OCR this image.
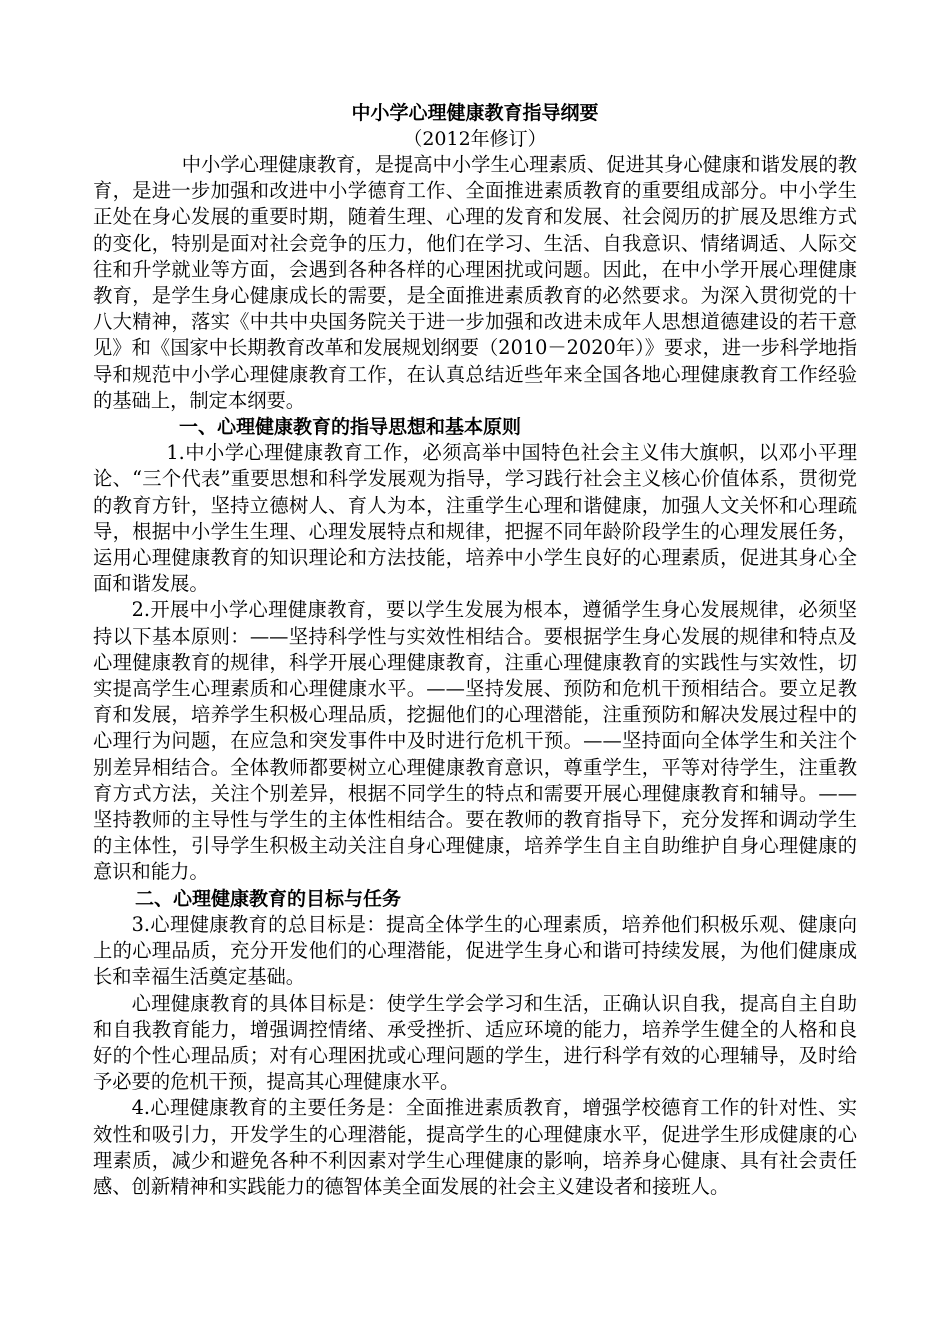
中小学心理健康教育指导纲要

（2012年修订）

中小学心理健康教育，是提高中小学生心理素质、促进其身心健康和谐发展的教育，是进一步加强和改进中小学德育工作、全面推进素质教育的重要组成部分。中小学生正处在身心发展的重要时期，随着生理、心理的发育和发展、社会阅历的扩展及思维方式的变化，特别是面对社会竞争的压力，他们在学习、生活、自我意识、情绪调适、人际交往和升学就业等方面，会遇到各种各样的心理困扰或问题。因此，在中小学开展心理健康教育，是学生身心健康成长的需要，是全面推进素质教育的必然要求。为深入贯彻党的十八大精神，落实《中共中央国务院关于进一步加强和改进未成年人思想道德建设的若干意见》和《国家中长期教育改革和发展规划纲要（2010－2020年）》要求，进一步科学地指导和规范中小学心理健康教育工作，在认真总结近些年来全国各地心理健康教育工作经验的基础上，制定本纲要。

一、心理健康教育的指导思想和基本原则

1.中小学心理健康教育工作，必须高举中国特色社会主义伟大旗帜，以邓小平理论、“三个代表”重要思想和科学发展观为指导，学习践行社会主义核心价值体系，贯彻党的教育方针，坚持立德树人、育人为本，注重学生心理和谐健康，加强人文关怀和心理疏导，根据中小学生生理、心理发展特点和规律，把握不同年龄阶段学生的心理发展任务，运用心理健康教育的知识理论和方法技能，培养中小学生良好的心理素质，促进其身心全面和谐发展。

2.开展中小学心理健康教育，要以学生发展为根本，遵循学生身心发展规律，必须坚持以下基本原则：——坚持科学性与实效性相结合。要根据学生身心发展的规律和特点及心理健康教育的规律，科学开展心理健康教育，注重心理健康教育的实践性与实效性，切实提高学生心理素质和心理健康水平。——坚持发展、预防和危机干预相结合。要立足教育和发展，培养学生积极心理品质，挖掘他们的心理潜能，注重预防和解决发展过程中的心理行为问题，在应急和突发事件中及时进行危机干预。——坚持面向全体学生和关注个别差异相结合。全体教师都要树立心理健康教育意识，尊重学生，平等对待学生，注重教育方式方法，关注个别差异，根据不同学生的特点和需要开展心理健康教育和辅导。——坚持教师的主导性与学生的主体性相结合。要在教师的教育指导下，充分发挥和调动学生的主体性，引导学生积极主动关注自身心理健康，培养学生自主自助维护自身心理健康的意识和能力。

二、心理健康教育的目标与任务

3.心理健康教育的总目标是：提高全体学生的心理素质，培养他们积极乐观、健康向上的心理品质，充分开发他们的心理潜能，促进学生身心和谐可持续发展，为他们健康成长和幸福生活奠定基础。

心理健康教育的具体目标是：使学生学会学习和生活，正确认识自我，提高自主自助和自我教育能力，增强调控情绪、承受挫折、适应环境的能力，培养学生健全的人格和良好的个性心理品质；对有心理困扰或心理问题的学生，进行科学有效的心理辅导，及时给予必要的危机干预，提高其心理健康水平。

4.心理健康教育的主要任务是：全面推进素质教育，增强学校德育工作的针对性、实效性和吸引力，开发学生的心理潜能，提高学生的心理健康水平，促进学生形成健康的心理素质，减少和避免各种不利因素对学生心理健康的影响，培养身心健康、具有社会责任感、创新精神和实践能力的德智体美全面发展的社会主义建设者和接班人。
